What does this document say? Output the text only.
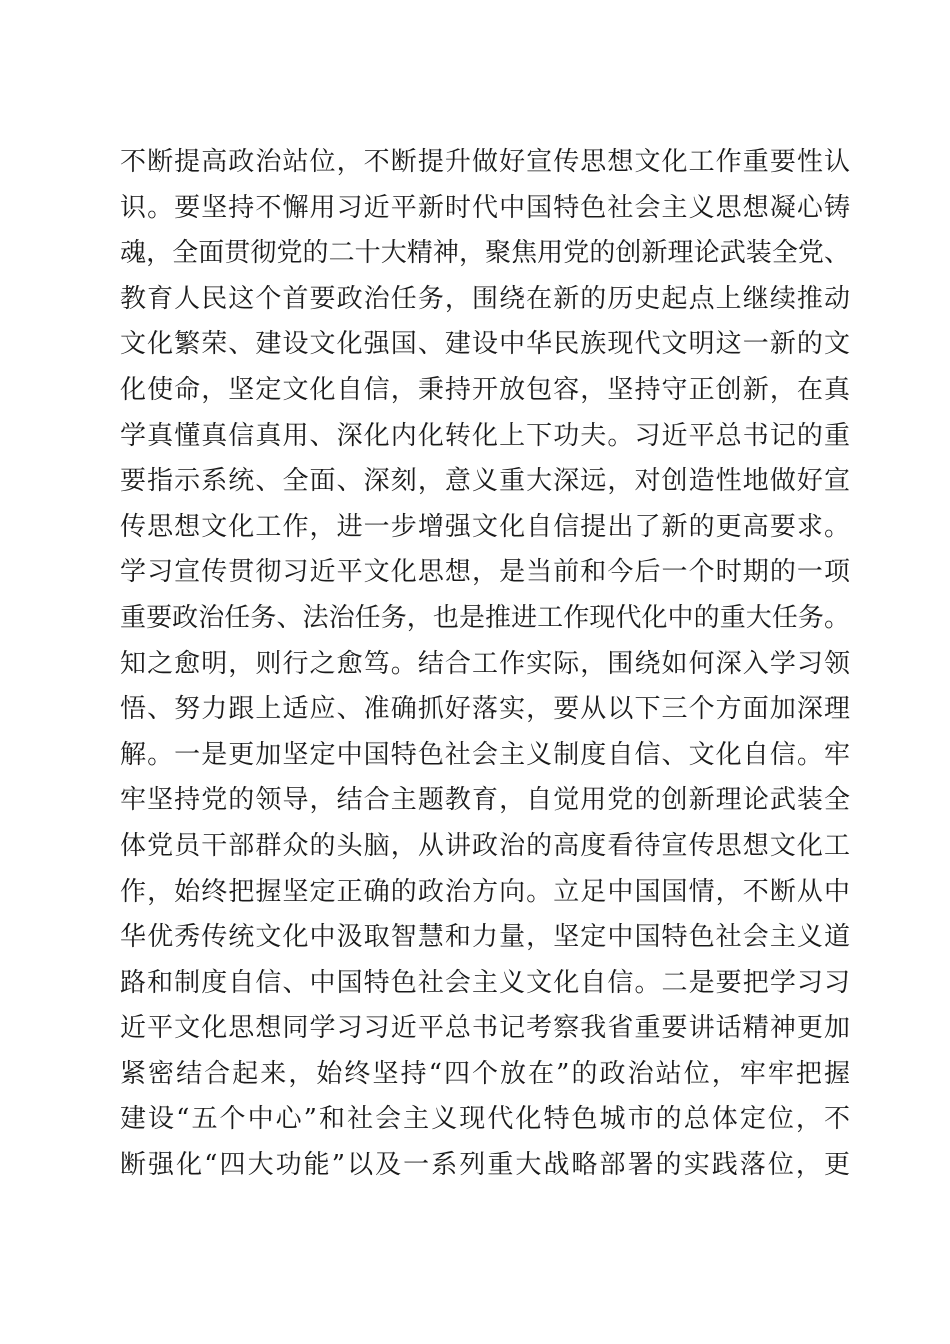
不断提高政治站位，不断提升做好宣传思想文化工作重要性认
识。要坚持不懈用习近平新时代中国特色社会主义思想凝心铸
魂，全面贯彻党的二十大精神，聚焦用党的创新理论武装全党、
教育人民这个首要政治任务，围绕在新的历史起点上继续推动
文化繁荣、建设文化强国、建设中华民族现代文明这一新的文
化使命，坚定文化自信，秉持开放包容，坚持守正创新，在真
学真懂真信真用、深化内化转化上下功夫。习近平总书记的重
要指示系统、全面、深刻，意义重大深远，对创造性地做好宣
传思想文化工作，进一步增强文化自信提出了新的更高要求。
学习宣传贯彻习近平文化思想，是当前和今后一个时期的一项
重要政治任务、法治任务，也是推进工作现代化中的重大任务。
知之愈明，则行之愈笃。结合工作实际，围绕如何深入学习领
悟、努力跟上适应、准确抓好落实，要从以下三个方面加深理
解。一是更加坚定中国特色社会主义制度自信、文化自信。牢
牢坚持党的领导，结合主题教育，自觉用党的创新理论武装全
体党员干部群众的头脑，从讲政治的高度看待宣传思想文化工
作，始终把握坚定正确的政治方向。立足中国国情，不断从中
华优秀传统文化中汲取智慧和力量，坚定中国特色社会主义道
路和制度自信、中国特色社会主义文化自信。二是要把学习习
近平文化思想同学习习近平总书记考察我省重要讲话精神更加
紧密结合起来，始终坚持“四个放在”的政治站位，牢牢把握
建设“五个中心”和社会主义现代化特色城市的总体定位，不
断强化“四大功能”以及一系列重大战略部署的实践落位，更
